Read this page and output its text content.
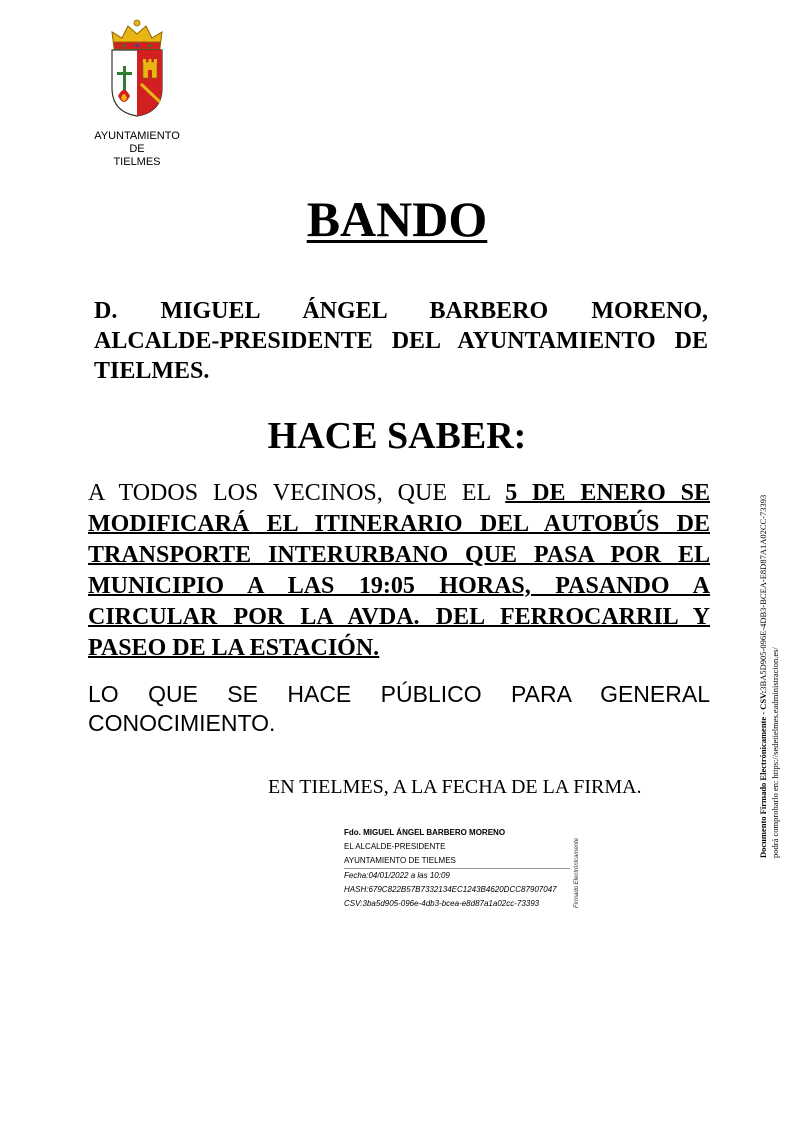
AYUNTAMIENTO
DE
TIELMES
BANDO
D. MIGUEL ÁNGEL BARBERO MORENO,
ALCALDE-PRESIDENTE DEL AYUNTAMIENTO DE
TIELMES.
HACE SABER:
A TODOS LOS VECINOS, QUE EL 5 DE ENERO SE
MODIFICARÁ EL ITINERARIO DEL AUTOBÚS DE
TRANSPORTE INTERURBANO QUE PASA POR EL
MUNICIPIO A LAS 19:05 HORAS, PASANDO A
CIRCULAR POR LA AVDA. DEL FERROCARRIL Y
PASEO DE LA ESTACIÓN.
LO QUE SE HACE PÚBLICO PARA GENERAL
CONOCIMIENTO.
EN TIELMES, A LA FECHA DE LA FIRMA.
Fdo. MIGUEL ÁNGEL BARBERO MORENO
EL ALCALDE-PRESIDENTE
AYUNTAMIENTO DE TIELMES
Fecha:04/01/2022 a las 10:09
HASH:679C822B57B7332134EC1243B4620DCC87907047
CSV:3ba5d905-096e-4db3-bcea-e8d87a1a02cc-73393	Firmado Electrónicamente
Documento Firmado Electrónicamente - CSV:3BA5D905-096E-4DB3-BCEA-E8D87A1A02CC-73393
podrá comprobarlo en: https://sedetielmes.eadministracion.es/
